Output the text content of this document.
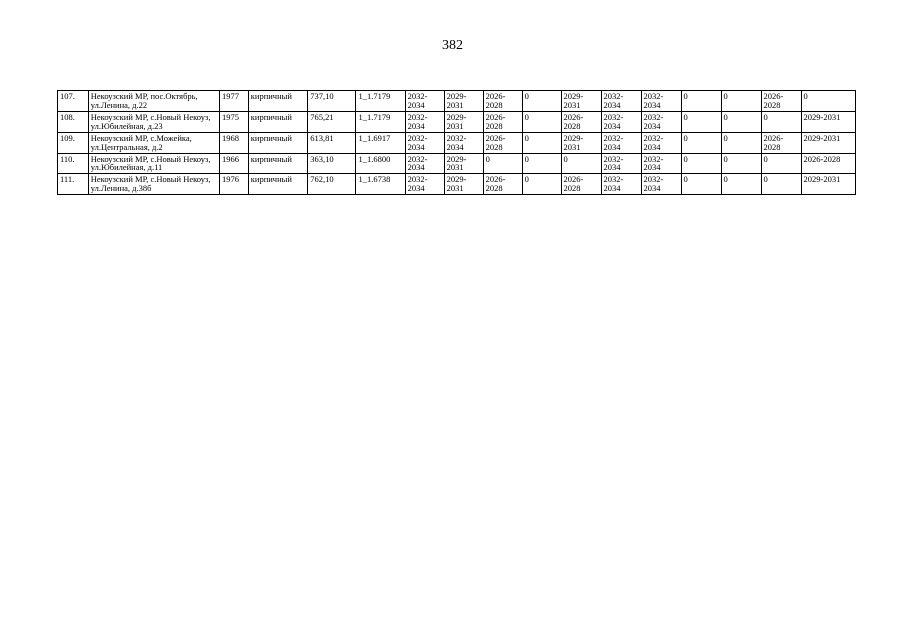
382
107.	Некоузский МР, пос.Октябрь, ул.Ленина, д.22	1977	кирпичный	737,10	1_1.7179	2032-2034	2029-2031	2026-2028	0	2029-2031	2032-2034	2032-2034	0	0	2026-2028	0
108.	Некоузский МР, с.Новый Некоуз, ул.Юбилейная, д.23	1975	кирпичный	765,21	1_1.7179	2032-2034	2029-2031	2026-2028	0	2026-2028	2032-2034	2032-2034	0	0	0	2029-2031
109.	Некоузский МР, с.Можейка, ул.Центральная, д.2	1968	кирпичный	613,81	1_1.6917	2032-2034	2032-2034	2026-2028	0	2029-2031	2032-2034	2032-2034	0	0	2026-2028	2029-2031
110.	Некоузский МР, с.Новый Некоуз, ул.Юбилейная, д.11	1966	кирпичный	363,10	1_1.6800	2032-2034	2029-2031	0	0	0	2032-2034	2032-2034	0	0	0	2026-2028
111.	Некоузский МР, с.Новый Некоуз, ул.Ленина, д.38б	1976	кирпичный	762,10	1_1.6738	2032-2034	2029-2031	2026-2028	0	2026-2028	2032-2034	2032-2034	0	0	0	2029-2031
